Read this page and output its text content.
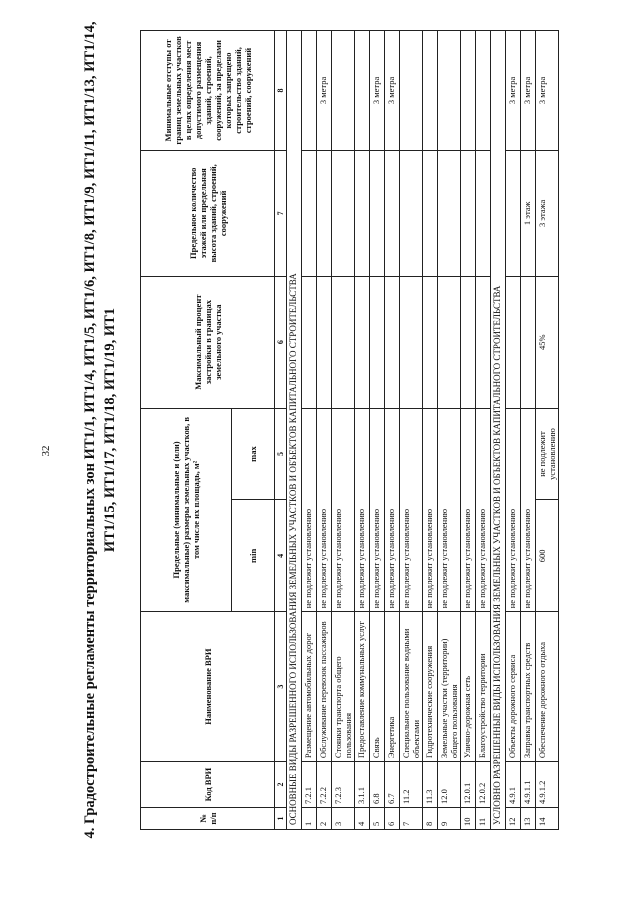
32 4. Градостроительные регламенты территориальных зон ИТ1/1, ИТ1/4, ИТ1/5, ИТ1/6, ИТ1/8, ИТ1/9, ИТ1/11, ИТ1/13, ИТ1/14, ИТ1/15, ИТ1/17, ИТ1/18, ИТ1/19, ИТ1
№ п/п	Код ВРИ	Наименование ВРИ	Предельные (минимальные и (или) максимальные) размеры земельных участков, в том числе их площадь, м²		Максимальный процент застройки в границах земельного участка	Предельное количество этажей или предельная высота зданий, строений, сооружений	Минимальные отступы от границ земельных участков в целях определения мест допустимого размещения зданий, строений, сооружений, за пределами которых запрещено строительство зданий, строений, сооружений
			min	max			
1	2	3	4	5	6	7	8
ОСНОВНЫЕ ВИДЫ РАЗРЕШЕННОГО ИСПОЛЬЗОВАНИЯ ЗЕМЕЛЬНЫХ УЧАСТКОВ И ОБЪЕКТОВ КАПИТАЛЬНОГО СТРОИТЕЛЬСТВА							
1	7.2.1	Размещение автомобильных дорог	не подлежит установлению				
2	7.2.2	Обслуживание перевозок пассажиров	не подлежит установлению				3 метра
3	7.2.3	Стоянки транспорта общего пользования	не подлежит установлению				
4	3.1.1	Предоставление коммунальных услуг	не подлежит установлению				
5	6.8	Связь	не подлежит установлению				3 метра
6	6.7	Энергетика	не подлежит установлению				3 метра
7	11.2	Специальное пользование водными объектами	не подлежит установлению				
8	11.3	Гидротехнические сооружения	не подлежит установлению				
9	12.0	Земельные участки (территории) общего пользования	не подлежит установлению				
10	12.0.1	Улично-дорожная сеть	не подлежит установлению				
11	12.0.2	Благоустройство территории	не подлежит установлению				
УСЛОВНО РАЗРЕШЕННЫЕ ВИДЫ ИСПОЛЬЗОВАНИЯ ЗЕМЕЛЬНЫХ УЧАСТКОВ И ОБЪЕКТОВ КАПИТАЛЬНОГО СТРОИТЕЛЬСТВА							
12	4.9.1	Объекты дорожного сервиса	не подлежит установлению				3 метра
13	4.9.1.1	Заправка транспортных средств	не подлежит установлению			1 этаж	3 метра
14	4.9.1.2	Обеспечение дорожного отдыха	600	не подлежит установлению	45%	3 этажа	3 метра
